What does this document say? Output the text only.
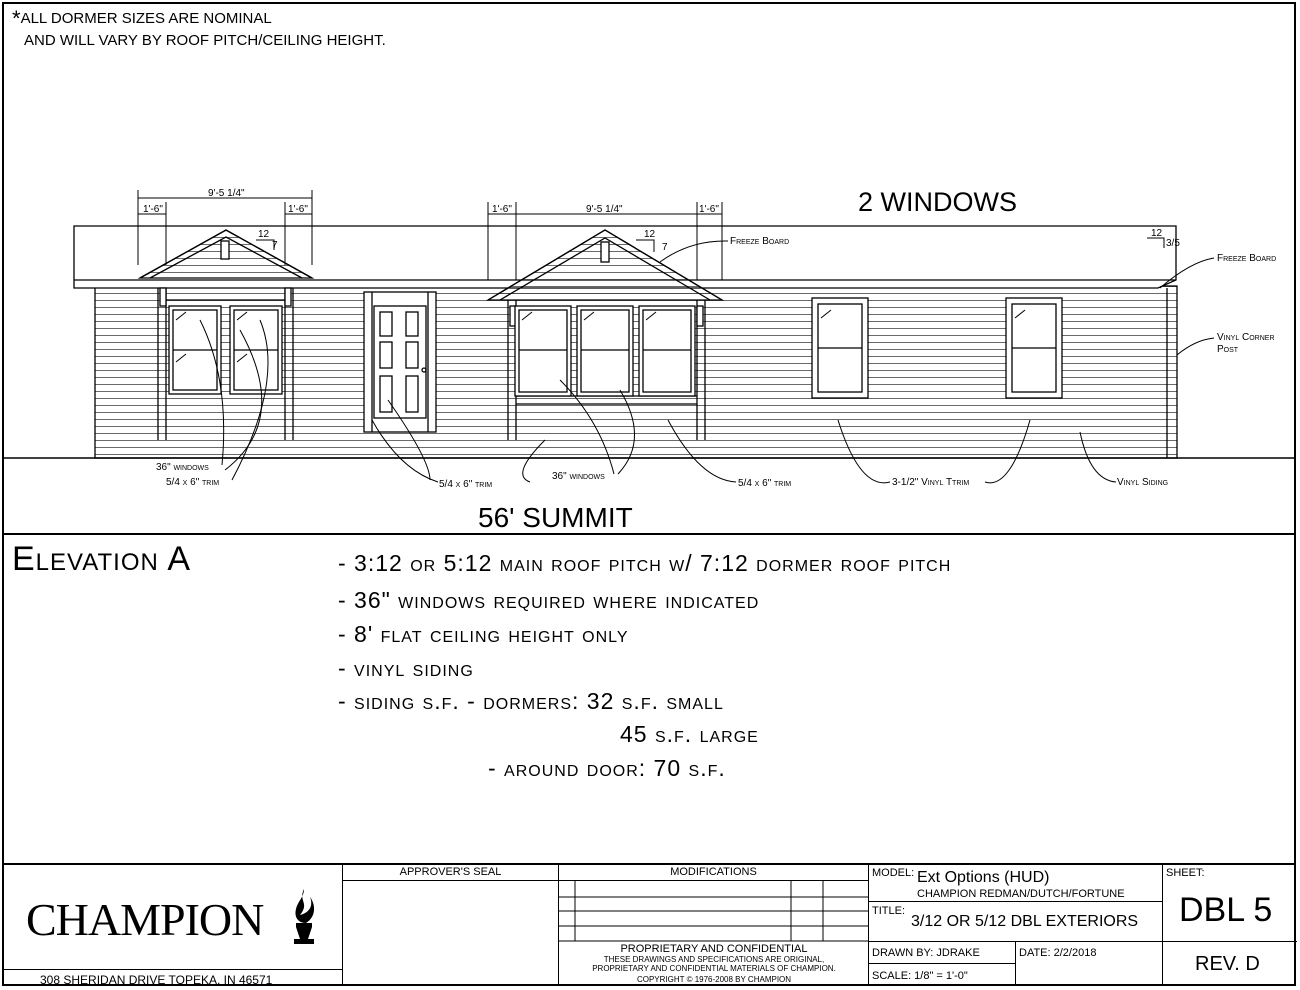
*ALL DORMER SIZES ARE NOMINAL
AND WILL VARY BY ROOF PITCH/CEILING HEIGHT.
9'-5 1/4"
1'-6"	1'-6"	9'-5 1/4"
1'-6"	1'-6"
12
7
12
7
12
3/5
Freeze Board
Freeze Board
Vinyl Corner
Post
36" windows
5/4 x 6" trim	5/4 x 6" trim
36" windows
5/4 x 6" trim	3-1/2" Vinyl Ttrim	Vinyl Siding
2 WINDOWS
56' SUMMIT
Elevation A	- 3:12 or 5:12 main roof pitch w/ 7:12 dormer roof pitch
- 36" windows required where indicated
- 8' flat ceiling height only
- vinyl siding
- siding s.f. - dormers: 32 s.f. small
45 s.f. large
- around door: 70 s.f.
CHAMPION
308 SHERIDAN DRIVE TOPEKA, IN 46571
APPROVER'S SEAL	MODIFICATIONS
PROPRIETARY AND CONFIDENTIAL
THESE DRAWINGS AND SPECIFICATIONS ARE ORIGINAL,
PROPRIETARY AND CONFIDENTIAL MATERIALS OF CHAMPION.
COPYRIGHT © 1976-2008 BY CHAMPION
MODEL: Ext Options (HUD)
CHAMPION REDMAN/DUTCH/FORTUNE
TITLE:
3/12 OR 5/12 DBL EXTERIORS
DRAWN BY: JDRAKE	DATE: 2/2/2018
SCALE: 1/8" = 1'-0"
SHEET:
DBL 5
REV. D
